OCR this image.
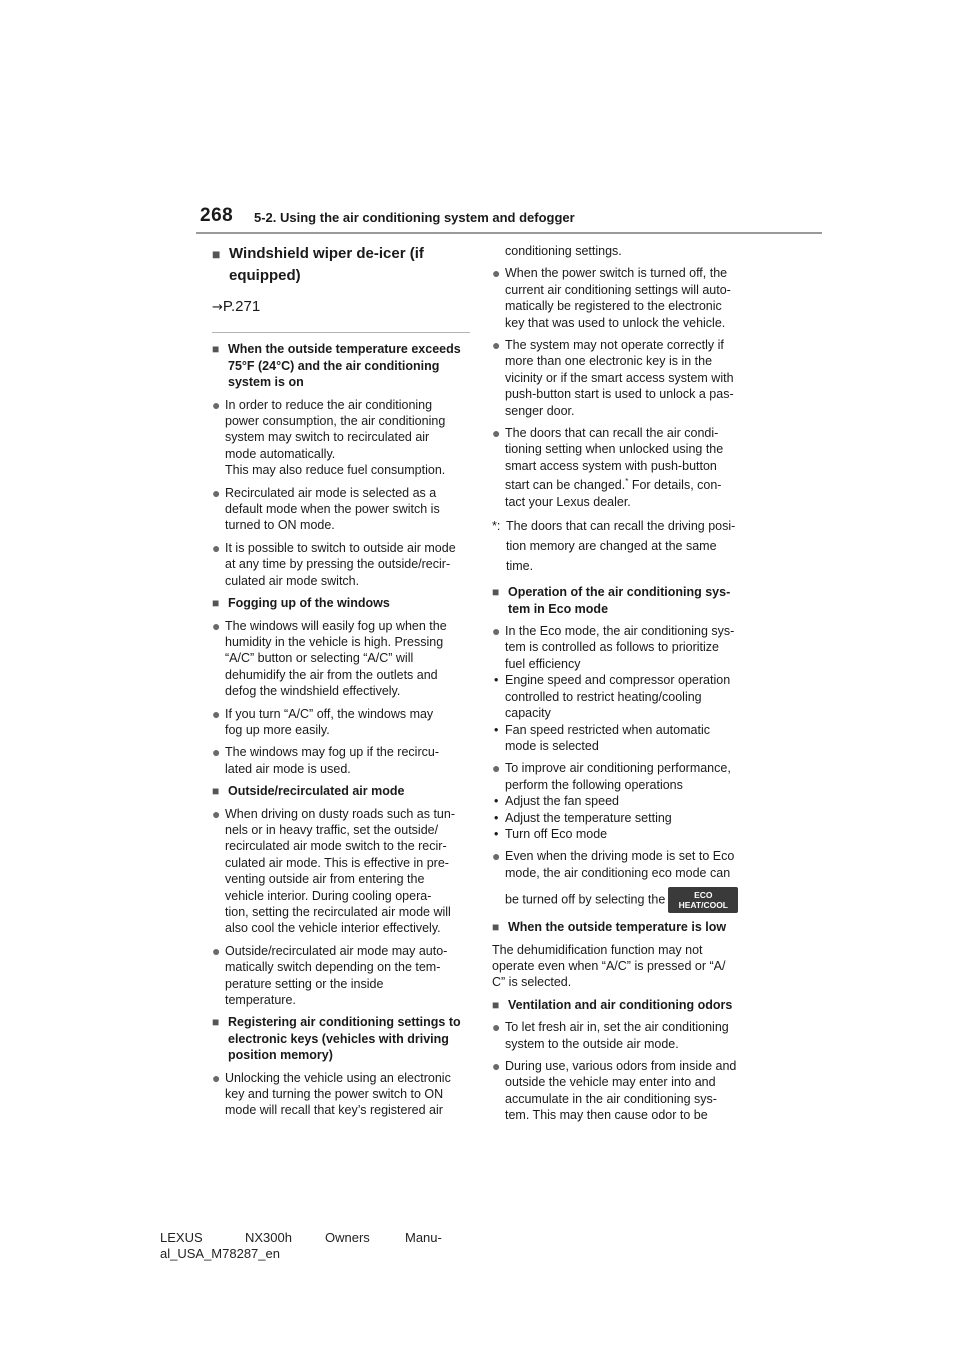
268 5-2. Using the air conditioning system and defogger
■ Windshield wiper de-icer (if
equipped)
→P.271
■ When the outside temperature exceeds
75°F (24°C) and the air conditioning
system is on
● In order to reduce the air conditioning
power consumption, the air conditioning
system may switch to recirculated air
mode automatically.
This may also reduce fuel consumption.
● Recirculated air mode is selected as a
default mode when the power switch is
turned to ON mode.
● It is possible to switch to outside air mode
at any time by pressing the outside/recir-
culated air mode switch.
■ Fogging up of the windows
● The windows will easily fog up when the
humidity in the vehicle is high. Pressing
“A/C” button or selecting “A/C” will
dehumidify the air from the outlets and
defog the windshield effectively.
● If you turn “A/C” off, the windows may
fog up more easily.
● The windows may fog up if the recircu-
lated air mode is used.
■ Outside/recirculated air mode
● When driving on dusty roads such as tun-
nels or in heavy traffic, set the outside/
recirculated air mode switch to the recir-
culated air mode. This is effective in pre-
venting outside air from entering the
vehicle interior. During cooling opera-
tion, setting the recirculated air mode will
also cool the vehicle interior effectively.
● Outside/recirculated air mode may auto-
matically switch depending on the tem-
perature setting or the inside
temperature.
■ Registering air conditioning settings to
electronic keys (vehicles with driving
position memory)
● Unlocking the vehicle using an electronic
key and turning the power switch to ON
mode will recall that key’s registered air
conditioning settings.
● When the power switch is turned off, the
current air conditioning settings will auto-
matically be registered to the electronic
key that was used to unlock the vehicle.
● The system may not operate correctly if
more than one electronic key is in the
vicinity or if the smart access system with
push-button start is used to unlock a pas-
senger door.
● The doors that can recall the air condi-
tioning setting when unlocked using the
smart access system with push-button
start can be changed.* For details, con-
tact your Lexus dealer.
*: The doors that can recall the driving posi-
tion memory are changed at the same
time.
■ Operation of the air conditioning sys-
tem in Eco mode
● In the Eco mode, the air conditioning sys-
tem is controlled as follows to prioritize
fuel efficiency
• Engine speed and compressor operation
controlled to restrict heating/cooling
capacity
• Fan speed restricted when automatic
mode is selected
● To improve air conditioning performance,
perform the following operations
• Adjust the fan speed
• Adjust the temperature setting
• Turn off Eco mode
● Even when the driving mode is set to Eco
mode, the air conditioning eco mode can
be turned off by selecting the	ECO
HEAT/COOL
■ When the outside temperature is low
The dehumidification function may not
operate even when “A/C” is pressed or “A/
C” is selected.
■ Ventilation and air conditioning odors
● To let fresh air in, set the air conditioning
system to the outside air mode.
● During use, various odors from inside and
outside the vehicle may enter into and
accumulate in the air conditioning sys-
tem. This may then cause odor to be
LEXUS	NX300h	Owners	Manu-
al_USA_M78287_en
